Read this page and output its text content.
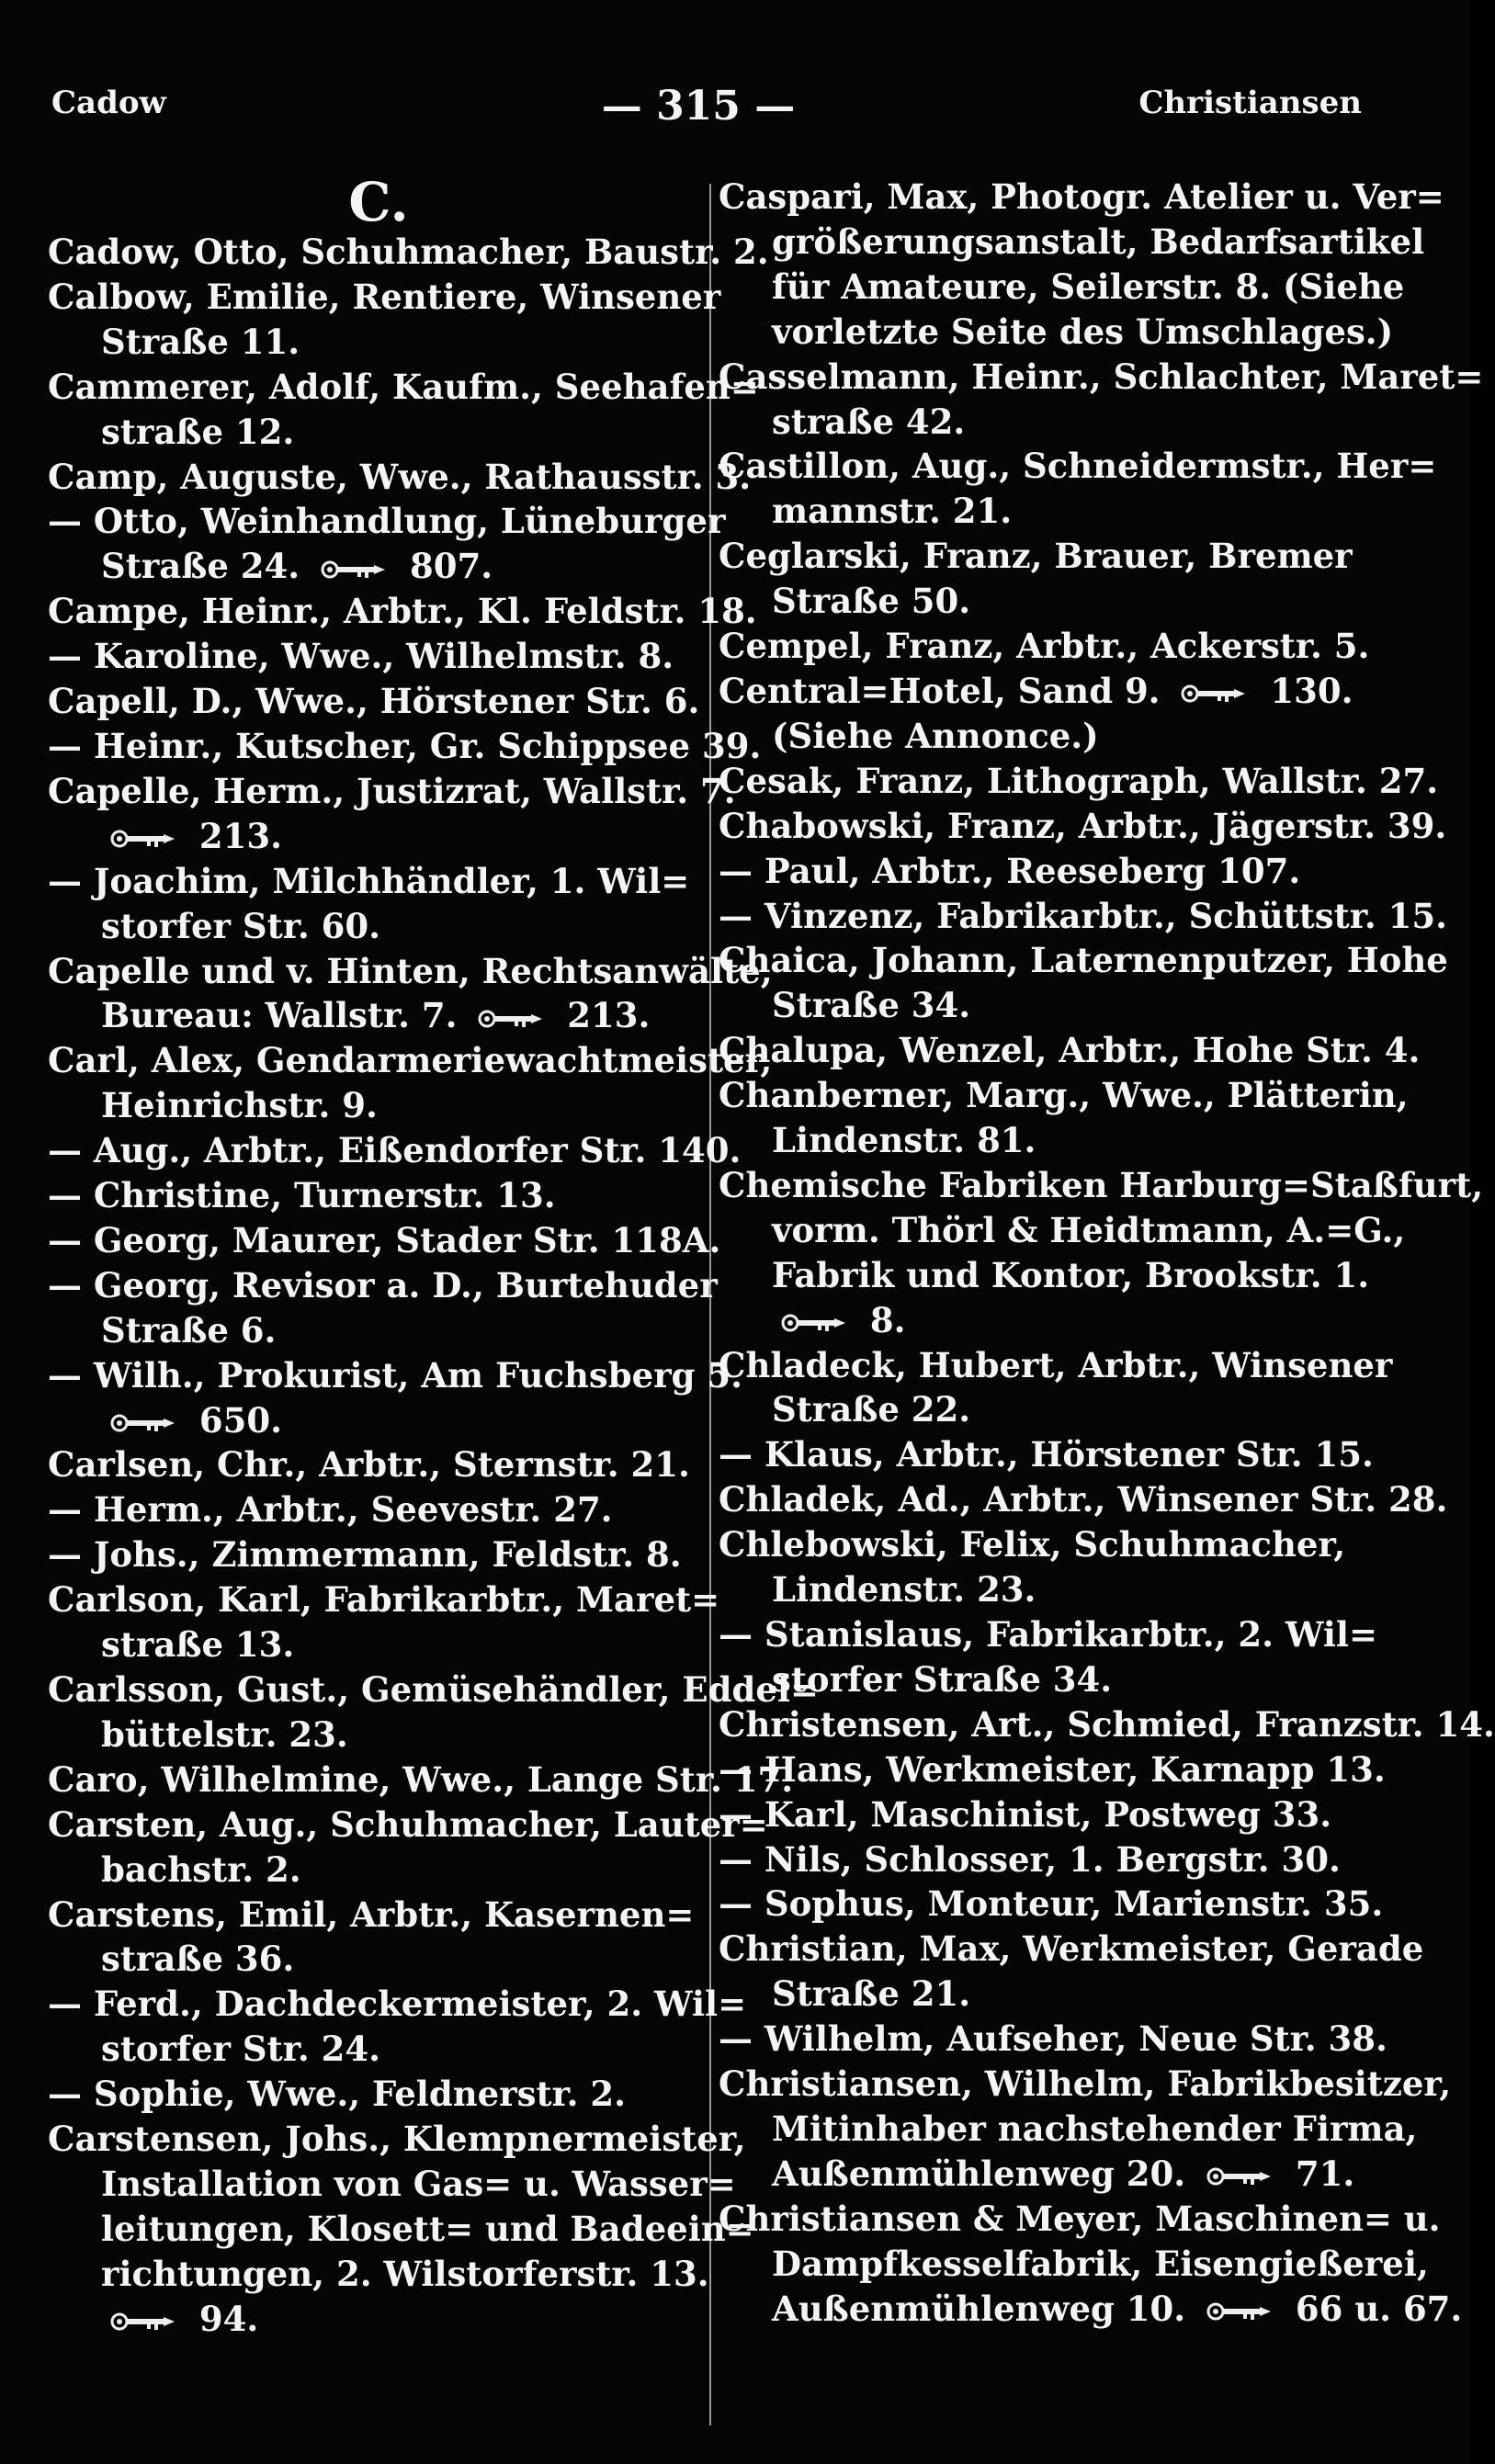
Cadow	— 315 —	Christiansen
C.
Cadow, Otto, Schuhmacher, Baustr. 2.
Calbow, Emilie, Rentiere, Winsener
Straße 11.
Cammerer, Adolf, Kaufm., Seehafen=
straße 12.
Camp, Auguste, Wwe., Rathausstr. 3.
— Otto, Weinhandlung, Lüneburger
Straße 24.	807.
Campe, Heinr., Arbtr., Kl. Feldstr. 18.
— Karoline, Wwe., Wilhelmstr. 8.
Capell, D., Wwe., Hörstener Str. 6.
— Heinr., Kutscher, Gr. Schippsee 39.
Capelle, Herm., Justizrat, Wallstr. 7.
213.
— Joachim, Milchhändler, 1. Wil=
storfer Str. 60.
Capelle und v. Hinten, Rechtsanwälte,
Bureau: Wallstr. 7.	213.
Carl, Alex, Gendarmeriewachtmeister,
Heinrichstr. 9.
— Aug., Arbtr., Eißendorfer Str. 140.
— Christine, Turnerstr. 13.
— Georg, Maurer, Stader Str. 118A.
— Georg, Revisor a. D., Burtehuder
Straße 6.
— Wilh., Prokurist, Am Fuchsberg 5.
650.
Carlsen, Chr., Arbtr., Sternstr. 21.
— Herm., Arbtr., Seevestr. 27.
— Johs., Zimmermann, Feldstr. 8.
Carlson, Karl, Fabrikarbtr., Maret=
straße 13.
Carlsson, Gust., Gemüsehändler, Eddel=
büttelstr. 23.
Caro, Wilhelmine, Wwe., Lange Str. 17.
Carsten, Aug., Schuhmacher, Lauter=
bachstr. 2.
Carstens, Emil, Arbtr., Kasernen=
straße 36.
— Ferd., Dachdeckermeister, 2. Wil=
storfer Str. 24.
— Sophie, Wwe., Feldnerstr. 2.
Carstensen, Johs., Klempnermeister,
Installation von Gas= u. Wasser=
leitungen, Klosett= und Badeein=
richtungen, 2. Wilstorferstr. 13.
94.
Caspari, Max, Photogr. Atelier u. Ver=
größerungsanstalt, Bedarfsartikel
für Amateure, Seilerstr. 8. (Siehe
vorletzte Seite des Umschlages.)
Casselmann, Heinr., Schlachter, Maret=
straße 42.
Castillon, Aug., Schneidermstr., Her=
mannstr. 21.
Ceglarski, Franz, Brauer, Bremer
Straße 50.
Cempel, Franz, Arbtr., Ackerstr. 5.
Central=Hotel, Sand 9.	130.
(Siehe Annonce.)
Cesak, Franz, Lithograph, Wallstr. 27.
Chabowski, Franz, Arbtr., Jägerstr. 39.
— Paul, Arbtr., Reeseberg 107.
— Vinzenz, Fabrikarbtr., Schüttstr. 15.
Chaica, Johann, Laternenputzer, Hohe
Straße 34.
Chalupa, Wenzel, Arbtr., Hohe Str. 4.
Chanberner, Marg., Wwe., Plätterin,
Lindenstr. 81.
Chemische Fabriken Harburg=Staßfurt,
vorm. Thörl & Heidtmann, A.=G.,
Fabrik und Kontor, Brookstr. 1.
8.
Chladeck, Hubert, Arbtr., Winsener
Straße 22.
— Klaus, Arbtr., Hörstener Str. 15.
Chladek, Ad., Arbtr., Winsener Str. 28.
Chlebowski, Felix, Schuhmacher,
Lindenstr. 23.
— Stanislaus, Fabrikarbtr., 2. Wil=
storfer Straße 34.
Christensen, Art., Schmied, Franzstr. 14.
— Hans, Werkmeister, Karnapp 13.
— Karl, Maschinist, Postweg 33.
— Nils, Schlosser, 1. Bergstr. 30.
— Sophus, Monteur, Marienstr. 35.
Christian, Max, Werkmeister, Gerade
Straße 21.
— Wilhelm, Aufseher, Neue Str. 38.
Christiansen, Wilhelm, Fabrikbesitzer,
Mitinhaber nachstehender Firma,
Außenmühlenweg 20.	71.
Christiansen & Meyer, Maschinen= u.
Dampfkesselfabrik, Eisengießerei,
Außenmühlenweg 10.	66 u. 67.
